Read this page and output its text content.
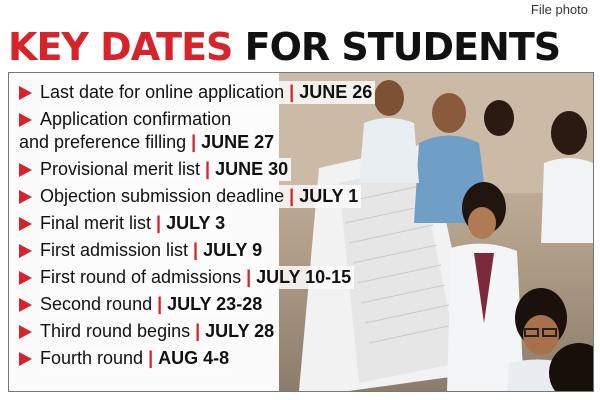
File photo
KEY DATES FOR STUDENTS
Last date for online application | JUNE 26
Application confirmation
and preference filling | JUNE 27
Provisional merit list | JUNE 30
Objection submission deadline | JULY 1
Final merit list | JULY 3
First admission list | JULY 9
First round of admissions | JULY 10-15
Second round | JULY 23-28
Third round begins | JULY 28
Fourth round | AUG 4-8
